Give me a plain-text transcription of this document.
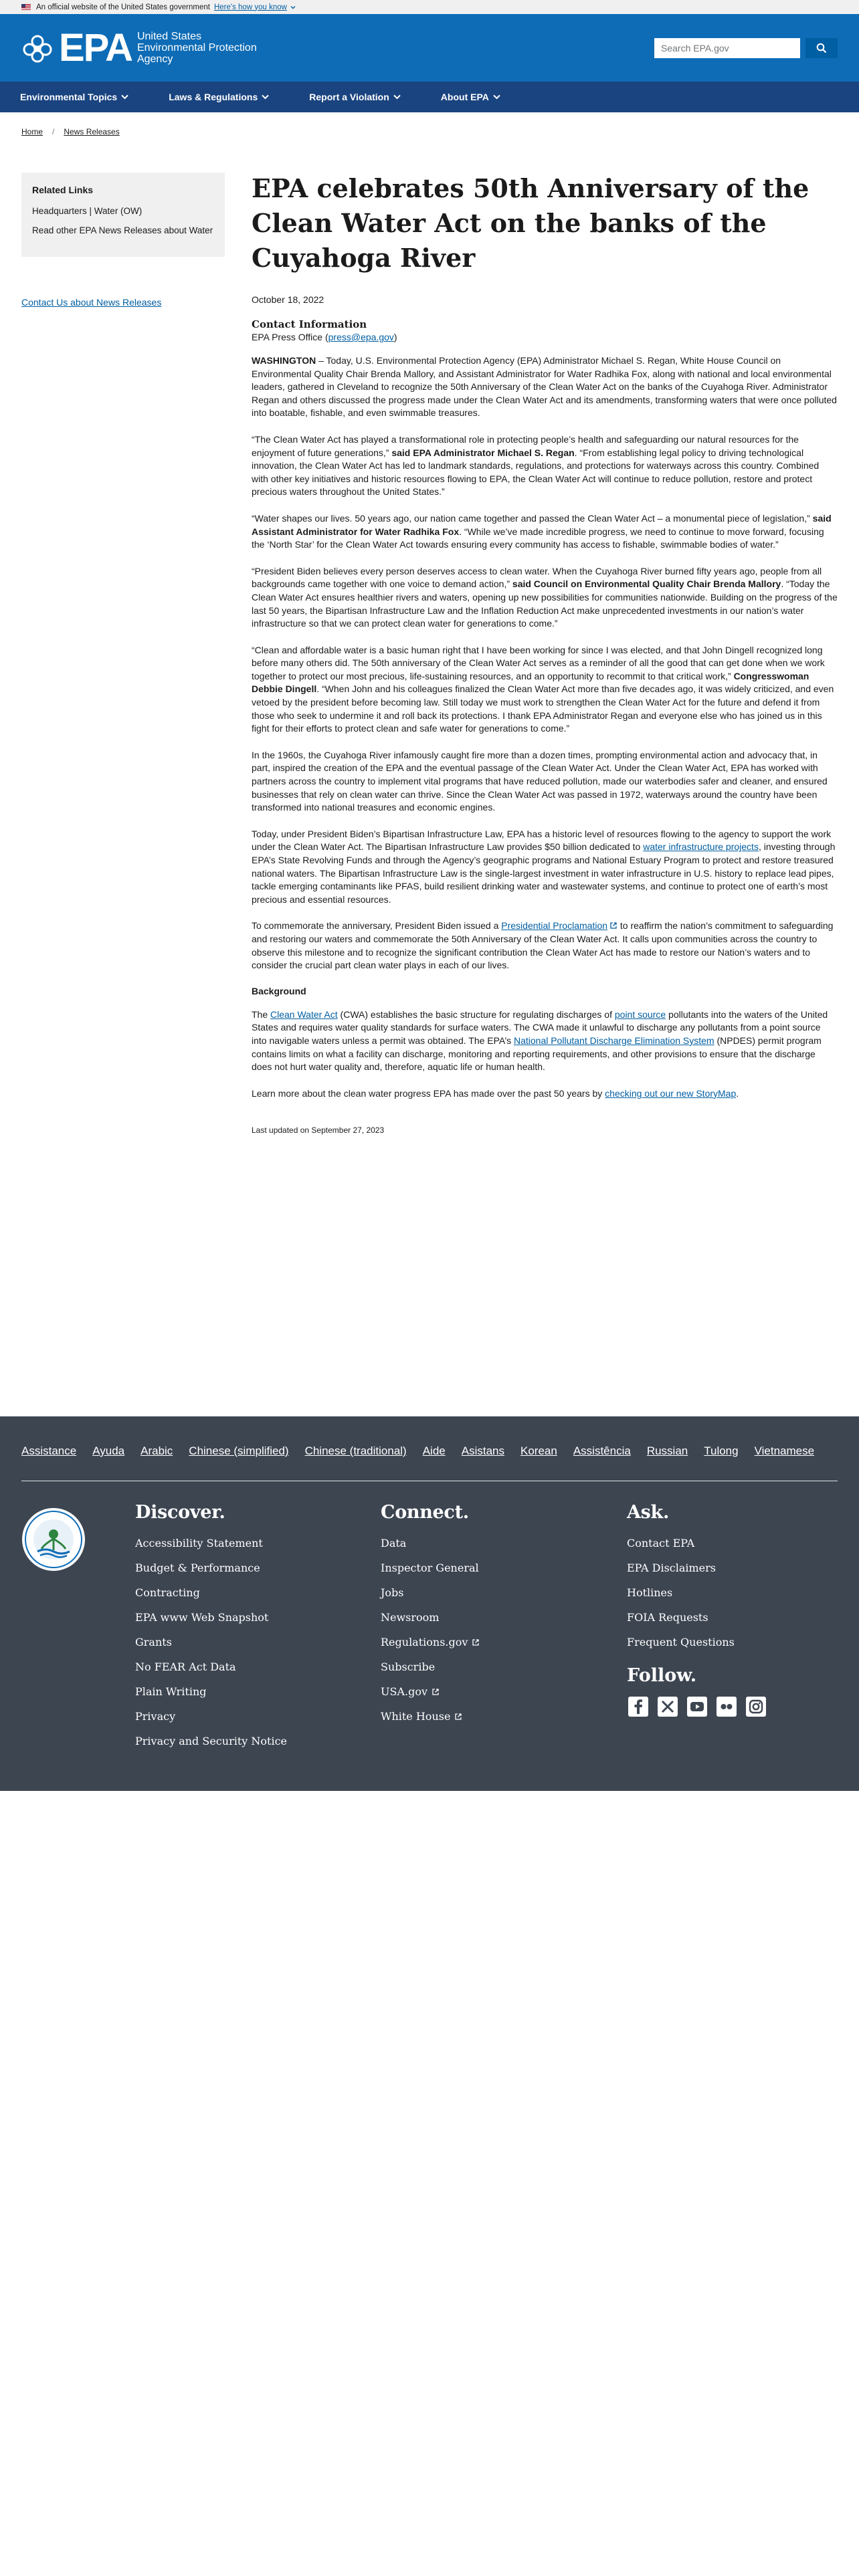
An official website of the United States government Here's how you know
EPA United States
Environmental Protection
Agency
Search EPA.gov
Environmental Topics	Laws & Regulations	Report a Violation	About EPA
Home / News Releases
Related Links
Headquarters | Water (OW)
Read other EPA News Releases about Water
Contact Us about News Releases
EPA celebrates 50th Anniversary of the Clean Water Act on the banks of the Cuyahoga River
October 18, 2022
Contact Information
EPA Press Office (press@epa.gov)

WASHINGTON – Today, U.S. Environmental Protection Agency (EPA) Administrator Michael S. Regan, White House Council on Environmental Quality Chair Brenda Mallory, and Assistant Administrator for Water Radhika Fox, along with national and local environmental leaders, gathered in Cleveland to recognize the 50th Anniversary of the Clean Water Act on the banks of the Cuyahoga River. Administrator Regan and others discussed the progress made under the Clean Water Act and its amendments, transforming waters that were once polluted into boatable, fishable, and even swimmable treasures.

“The Clean Water Act has played a transformational role in protecting people’s health and safeguarding our natural resources for the enjoyment of future generations,” said EPA Administrator Michael S. Regan. “From establishing legal policy to driving technological innovation, the Clean Water Act has led to landmark standards, regulations, and protections for waterways across this country. Combined with other key initiatives and historic resources flowing to EPA, the Clean Water Act will continue to reduce pollution, restore and protect precious waters throughout the United States.”

“Water shapes our lives. 50 years ago, our nation came together and passed the Clean Water Act – a monumental piece of legislation,” said Assistant Administrator for Water Radhika Fox. “While we’ve made incredible progress, we need to continue to move forward, focusing the ‘North Star’ for the Clean Water Act towards ensuring every community has access to fishable, swimmable bodies of water.”

“President Biden believes every person deserves access to clean water. When the Cuyahoga River burned fifty years ago, people from all backgrounds came together with one voice to demand action,” said Council on Environmental Quality Chair Brenda Mallory. “Today the Clean Water Act ensures healthier rivers and waters, opening up new possibilities for communities nationwide. Building on the progress of the last 50 years, the Bipartisan Infrastructure Law and the Inflation Reduction Act make unprecedented investments in our nation’s water infrastructure so that we can protect clean water for generations to come.”

“Clean and affordable water is a basic human right that I have been working for since I was elected, and that John Dingell recognized long before many others did. The 50th anniversary of the Clean Water Act serves as a reminder of all the good that can get done when we work together to protect our most precious, life-sustaining resources, and an opportunity to recommit to that critical work,” Congresswoman Debbie Dingell. “When John and his colleagues finalized the Clean Water Act more than five decades ago, it was widely criticized, and even vetoed by the president before becoming law. Still today we must work to strengthen the Clean Water Act for the future and defend it from those who seek to undermine it and roll back its protections. I thank EPA Administrator Regan and everyone else who has joined us in this fight for their efforts to protect clean and safe water for generations to come.”

In the 1960s, the Cuyahoga River infamously caught fire more than a dozen times, prompting environmental action and advocacy that, in part, inspired the creation of the EPA and the eventual passage of the Clean Water Act. Under the Clean Water Act, EPA has worked with partners across the country to implement vital programs that have reduced pollution, made our waterbodies safer and cleaner, and ensured businesses that rely on clean water can thrive. Since the Clean Water Act was passed in 1972, waterways around the country have been transformed into national treasures and economic engines.

Today, under President Biden’s Bipartisan Infrastructure Law, EPA has a historic level of resources flowing to the agency to support the work under the Clean Water Act. The Bipartisan Infrastructure Law provides $50 billion dedicated to water infrastructure projects, investing through EPA’s State Revolving Funds and through the Agency’s geographic programs and National Estuary Program to protect and restore treasured national waters. The Bipartisan Infrastructure Law is the single-largest investment in water infrastructure in U.S. history to replace lead pipes, tackle emerging contaminants like PFAS, build resilient drinking water and wastewater systems, and continue to protect one of earth’s most precious and essential resources.

To commemorate the anniversary, President Biden issued a Presidential Proclamation to reaffirm the nation’s commitment to safeguarding and restoring our waters and commemorate the 50th Anniversary of the Clean Water Act. It calls upon communities across the country to observe this milestone and to recognize the significant contribution the Clean Water Act has made to restore our Nation’s waters and to consider the crucial part clean water plays in each of our lives.

Background

The Clean Water Act (CWA) establishes the basic structure for regulating discharges of point source pollutants into the waters of the United States and requires water quality standards for surface waters. The CWA made it unlawful to discharge any pollutants from a point source into navigable waters unless a permit was obtained. The EPA’s National Pollutant Discharge Elimination System (NPDES) permit program contains limits on what a facility can discharge, monitoring and reporting requirements, and other provisions to ensure that the discharge does not hurt water quality and, therefore, aquatic life or human health.

Learn more about the clean water progress EPA has made over the past 50 years by checking out our new StoryMap.

Last updated on September 27, 2023
Assistance Ayuda Arabic Chinese (simplified) Chinese (traditional) Aide Asistans Korean Assistência Russian Tulong Vietnamese
Discover.
Accessibility Statement
Budget & Performance
Contracting
EPA www Web Snapshot
Grants
No FEAR Act Data
Plain Writing
Privacy
Privacy and Security Notice
Connect.
Data
Inspector General
Jobs
Newsroom
Regulations.gov
Subscribe
USA.gov
White House
Ask.
Contact EPA
EPA Disclaimers
Hotlines
FOIA Requests
Frequent Questions
Follow.
